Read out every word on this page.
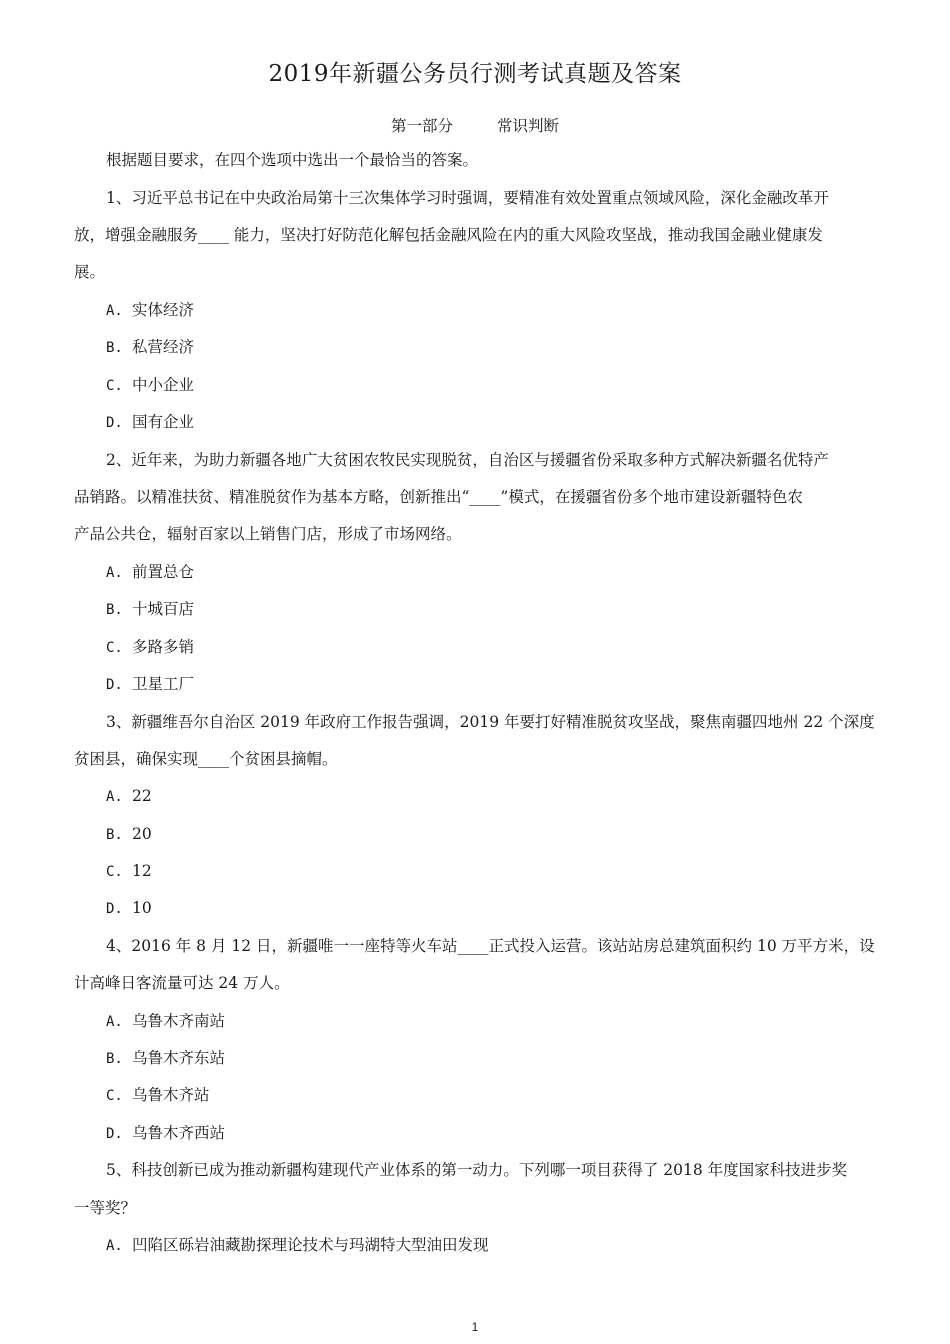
2019年新疆公务员行测考试真题及答案
第一部分	常识判断
根据题目要求，在四个选项中选出一个最恰当的答案。
1、习近平总书记在中央政治局第十三次集体学习时强调，要精准有效处置重点领域风险，深化金融改革开
放，增强金融服务____ 能力，坚决打好防范化解包括金融风险在内的重大风险攻坚战，推动我国金融业健康发
展。
A. 实体经济
B. 私营经济
C. 中小企业
D. 国有企业
2、近年来，为助力新疆各地广大贫困农牧民实现脱贫，自治区与援疆省份采取多种方式解决新疆名优特产
品销路。以精准扶贫、精准脱贫作为基本方略，创新推出“____”模式，在援疆省份多个地市建设新疆特色农
产品公共仓，辐射百家以上销售门店，形成了市场网络。
A. 前置总仓
B. 十城百店
C. 多路多销
D. 卫星工厂
3、新疆维吾尔自治区 2019 年政府工作报告强调，2019 年要打好精准脱贫攻坚战，聚焦南疆四地州 22 个深度
贫困县，确保实现____个贫困县摘帽。
A. 22
B. 20
C. 12
D. 10
4、2016 年 8 月 12 日，新疆唯一一座特等火车站____正式投入运营。该站站房总建筑面积约 10 万平方米，设
计高峰日客流量可达 24 万人。
A. 乌鲁木齐南站
B. 乌鲁木齐东站
C. 乌鲁木齐站
D. 乌鲁木齐西站
5、科技创新已成为推动新疆构建现代产业体系的第一动力。下列哪一项目获得了 2018 年度国家科技进步奖
一等奖？
A. 凹陷区砾岩油藏勘探理论技术与玛湖特大型油田发现
1
